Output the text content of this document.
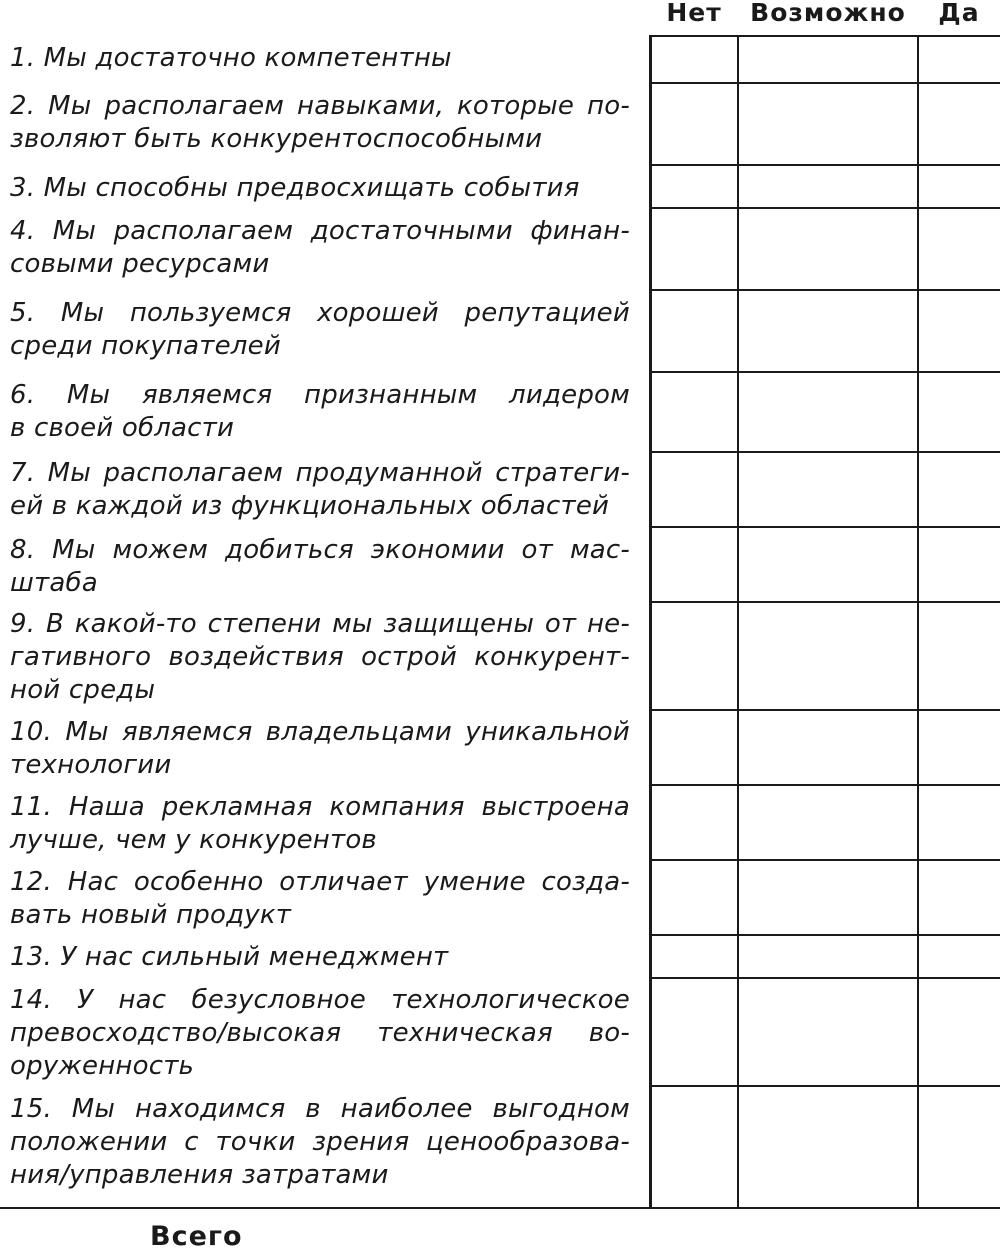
Нет	Возможно	Да
1. Мы достаточно компетентны
2. Мы располагаем навыками, которые по-
зволяют быть конкурентоспособными
3. Мы способны предвосхищать события
4. Мы располагаем достаточными финан-
совыми ресурсами
5. Мы пользуемся хорошей репутацией
среди покупателей
6. Мы являемся признанным лидером
в своей области
7. Мы располагаем продуманной стратеги-
ей в каждой из функциональных областей
8. Мы можем добиться экономии от мас-
штаба
9. В какой-то степени мы защищены от не-
гативного воздействия острой конкурент-
ной среды
10. Мы являемся владельцами уникальной
технологии
11. Наша рекламная компания выстроена
лучше, чем у конкурентов
12. Нас особенно отличает умение созда-
вать новый продукт
13. У нас сильный менеджмент
14. У нас безусловное технологическое
превосходство/высокая техническая во-
оруженность
15. Мы находимся в наиболее выгодном
положении с точки зрения ценообразова-
ния/управления затратами
Всего
